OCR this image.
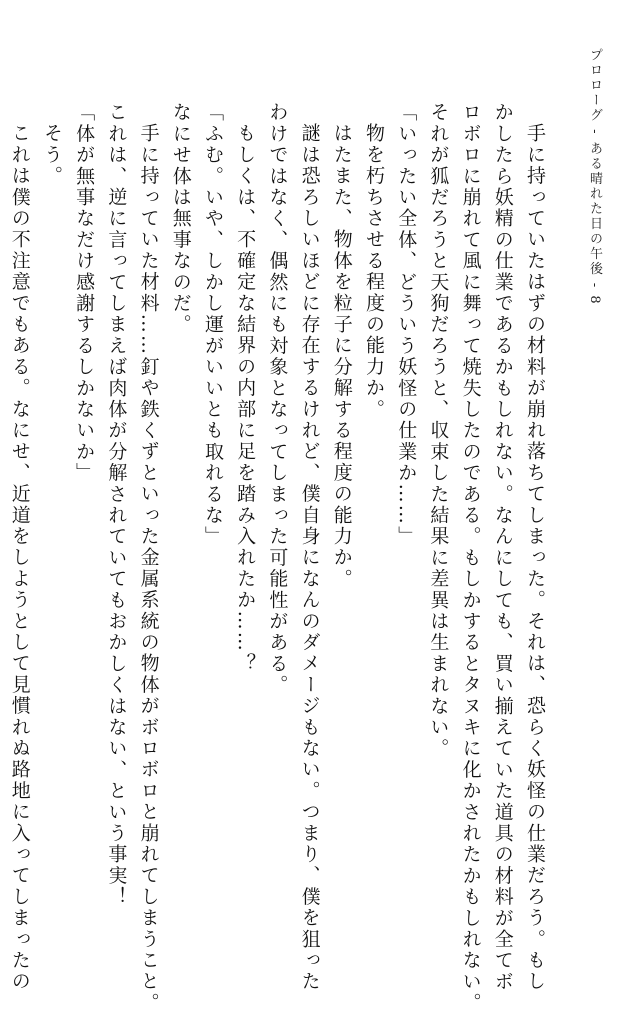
プロローグ - ある晴れた日の午後 - 8

手に持っていたはずの材料が崩れ落ちてしまった。それは、恐らく妖怪の仕業だろう。もし

かしたら妖精の仕業であるかもしれない。なんにしても、買い揃えていた道具の材料が全てボ

ロボロに崩れて風に舞って焼失したのである。もしかするとタヌキに化かされたかもしれない。

それが狐だろうと天狗だろうと、収束した結果に差異は生まれない。

「いったい全体、どういう妖怪の仕業か……」

物を朽ちさせる程度の能力か。

はたまた、物体を粒子に分解する程度の能力か。

謎は恐ろしいほどに存在するけれど、僕自身になんのダメージもない。つまり、僕を狙った

わけではなく、偶然にも対象となってしまった可能性がある。

もしくは、不確定な結界の内部に足を踏み入れたか……？

「ふむ。いや、しかし運がいいとも取れるな」

なにせ体は無事なのだ。

手に持っていた材料……釘や鉄くずといった金属系統の物体がボロボロと崩れてしまうこと。

これは、逆に言ってしまえば肉体が分解されていてもおかしくはない、という事実！

「体が無事なだけ感謝するしかないか」

そう。

これは僕の不注意でもある。なにせ、近道をしようとして見慣れぬ路地に入ってしまったの
